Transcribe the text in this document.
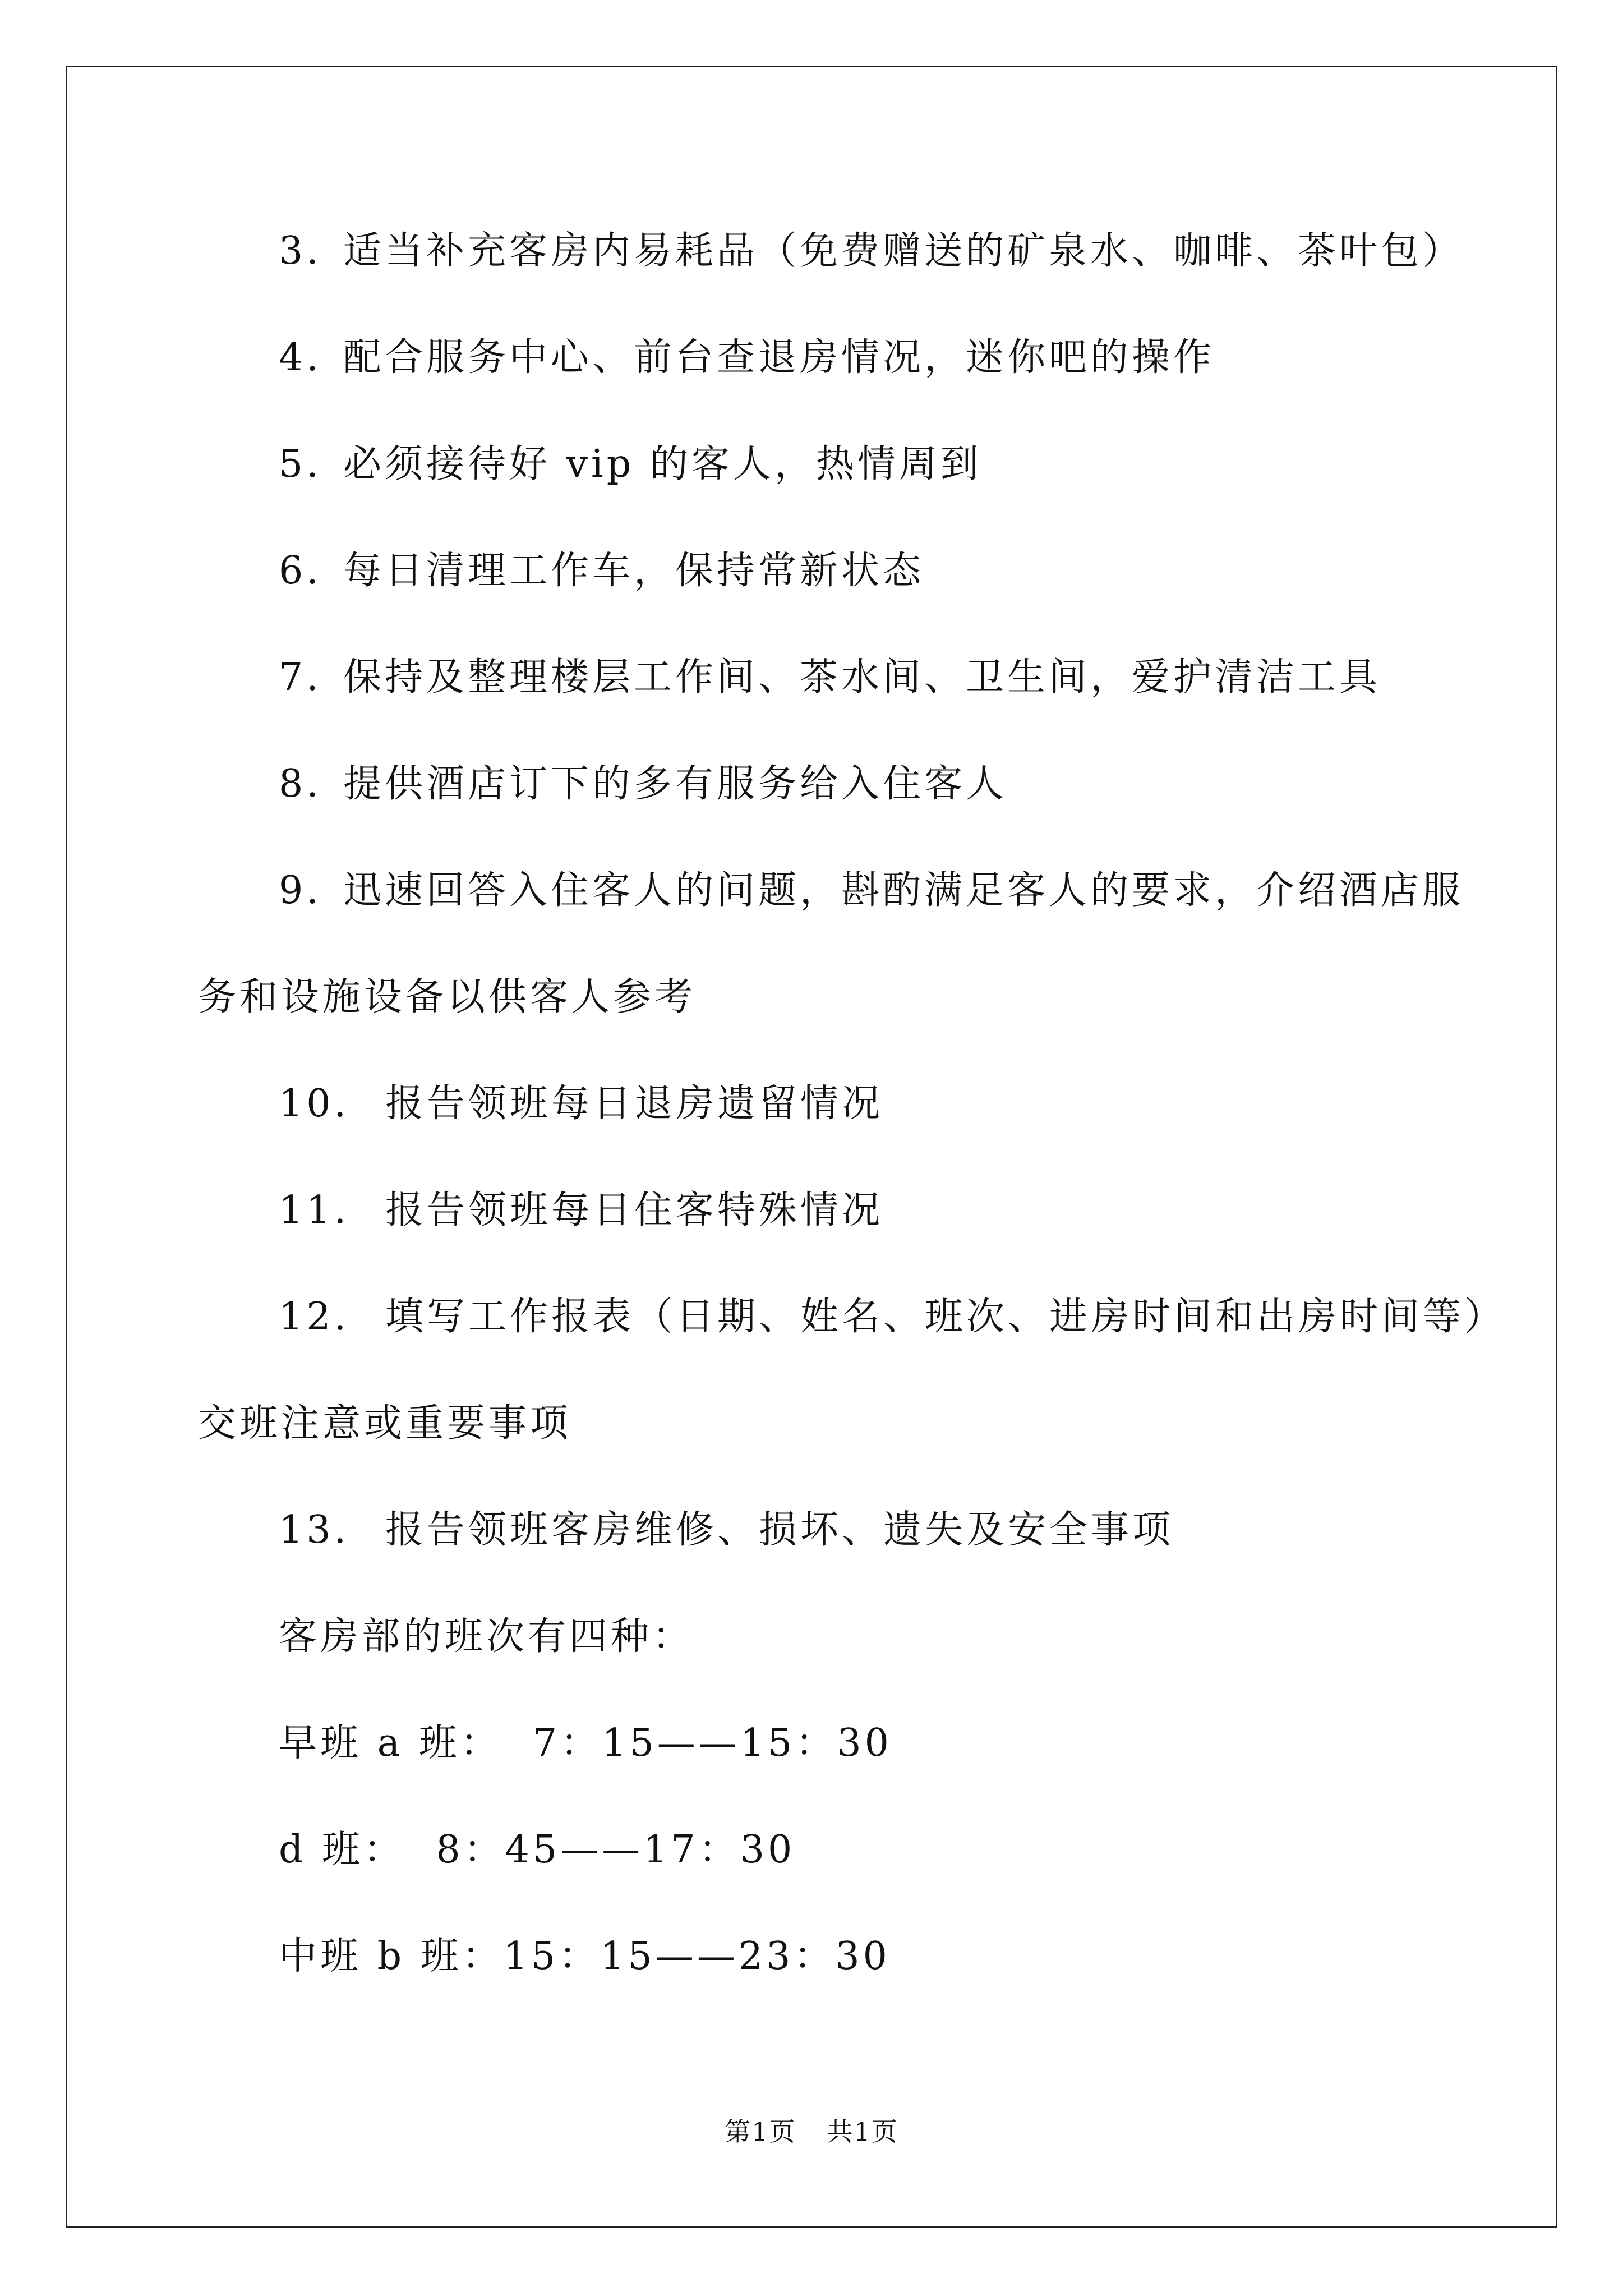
3. 适当补充客房内易耗品（免费赠送的矿泉水、咖啡、茶叶包）
4. 配合服务中心、前台查退房情况，迷你吧的操作
5. 必须接待好 vip 的客人，热情周到
6. 每日清理工作车，保持常新状态
7. 保持及整理楼层工作间、茶水间、卫生间，爱护清洁工具
8. 提供酒店订下的多有服务给入住客人
9. 迅速回答入住客人的问题，斟酌满足客人的要求，介绍酒店服
务和设施设备以供客人参考
10. 报告领班每日退房遗留情况
11. 报告领班每日住客特殊情况
12. 填写工作报表（日期、姓名、班次、进房时间和出房时间等）
交班注意或重要事项
13. 报告领班客房维修、损坏、遗失及安全事项
客房部的班次有四种：
早班 a 班：  7：15——15：30
d 班：  8：45——17：30
中班 b 班：15：15——23：30
第1页 共1页
